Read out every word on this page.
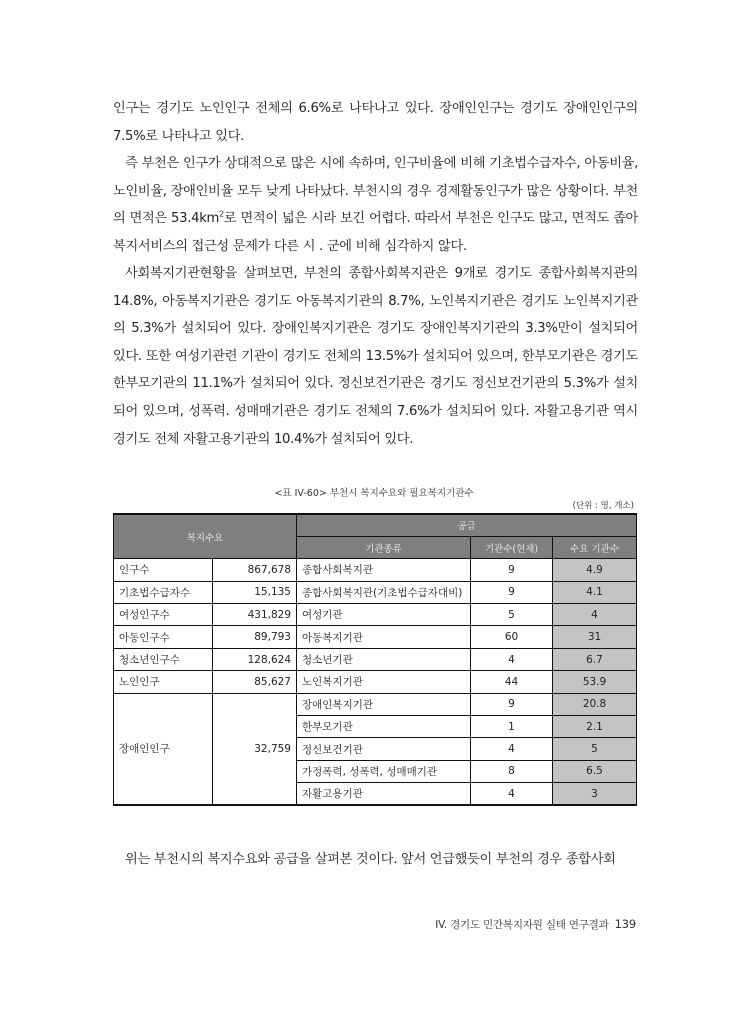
인구는 경기도 노인인구 전체의 6.6%로 나타나고 있다. 장애인인구는 경기도 장애인인구의 7.5%로 나타나고 있다.

즉 부천은 인구가 상대적으로 많은 시에 속하며, 인구비율에 비해 기초법수급자수, 아동비율, 노인비율, 장애인비율 모두 낮게 나타났다. 부천시의 경우 경제활동인구가 많은 상황이다. 부천의 면적은 $53.4km^2$로 면적이 넓은 시라 보긴 어렵다. 따라서 부천은 인구도 많고, 면적도 좁아 복지서비스의 접근성 문제가 다른 시 . 군에 비해 심각하지 않다.

사회복지기관현황을 살펴보면, 부천의 종합사회복지관은 9개로 경기도 종합사회복지관의 14.8%, 아동복지기관은 경기도 아동복지기관의 8.7%, 노인복지기관은 경기도 노인복지기관의 5.3%가 설치되어 있다. 장애인복지기관은 경기도 장애인복지기관의 3.3%만이 설치되어 있다. 또한 여성기관련 기관이 경기도 전체의 13.5%가 설치되어 있으며, 한부모기관은 경기도 한부모기관의 11.1%가 설치되어 있다. 정신보건기관은 경기도 정신보건기관의 5.3%가 설치되어 있으며, 성폭력. 성매매기관은 경기도 전체의 7.6%가 설치되어 있다. 자활고용기관 역시 경기도 전체 자활고용기관의 10.4%가 설치되어 있다.

<표 IV-60> 부천시 복지수요와 필요복지기관수
(단위 : 명, 개소)
복지수요		공급		
		기관종류	기관수(현재)	수요 기관수
인구수	867,678	종합사회복지관	9	4.9
기초법수급자수	15,135	종합사회복지관(기초법수급자대비)	9	4.1
여성인구수	431,829	여성기관	5	4
아동인구수	89,793	아동복지기관	60	31
청소년인구수	128,624	청소년기관	4	6.7
노인인구	85,627	노인복지기관	44	53.9
장애인인구	32,759	장애인복지기관	9	20.8
		한부모기관	1	2.1
		정신보건기관	4	5
		가정폭력, 성폭력, 성매매기관	8	6.5
		자활고용기관	4	3

위는 부천시의 복지수요와 공급을 살펴본 것이다. 앞서 언급했듯이 부천의 경우 종합사회

IV. 경기도 민간복지자원 실태 연구결과 139
